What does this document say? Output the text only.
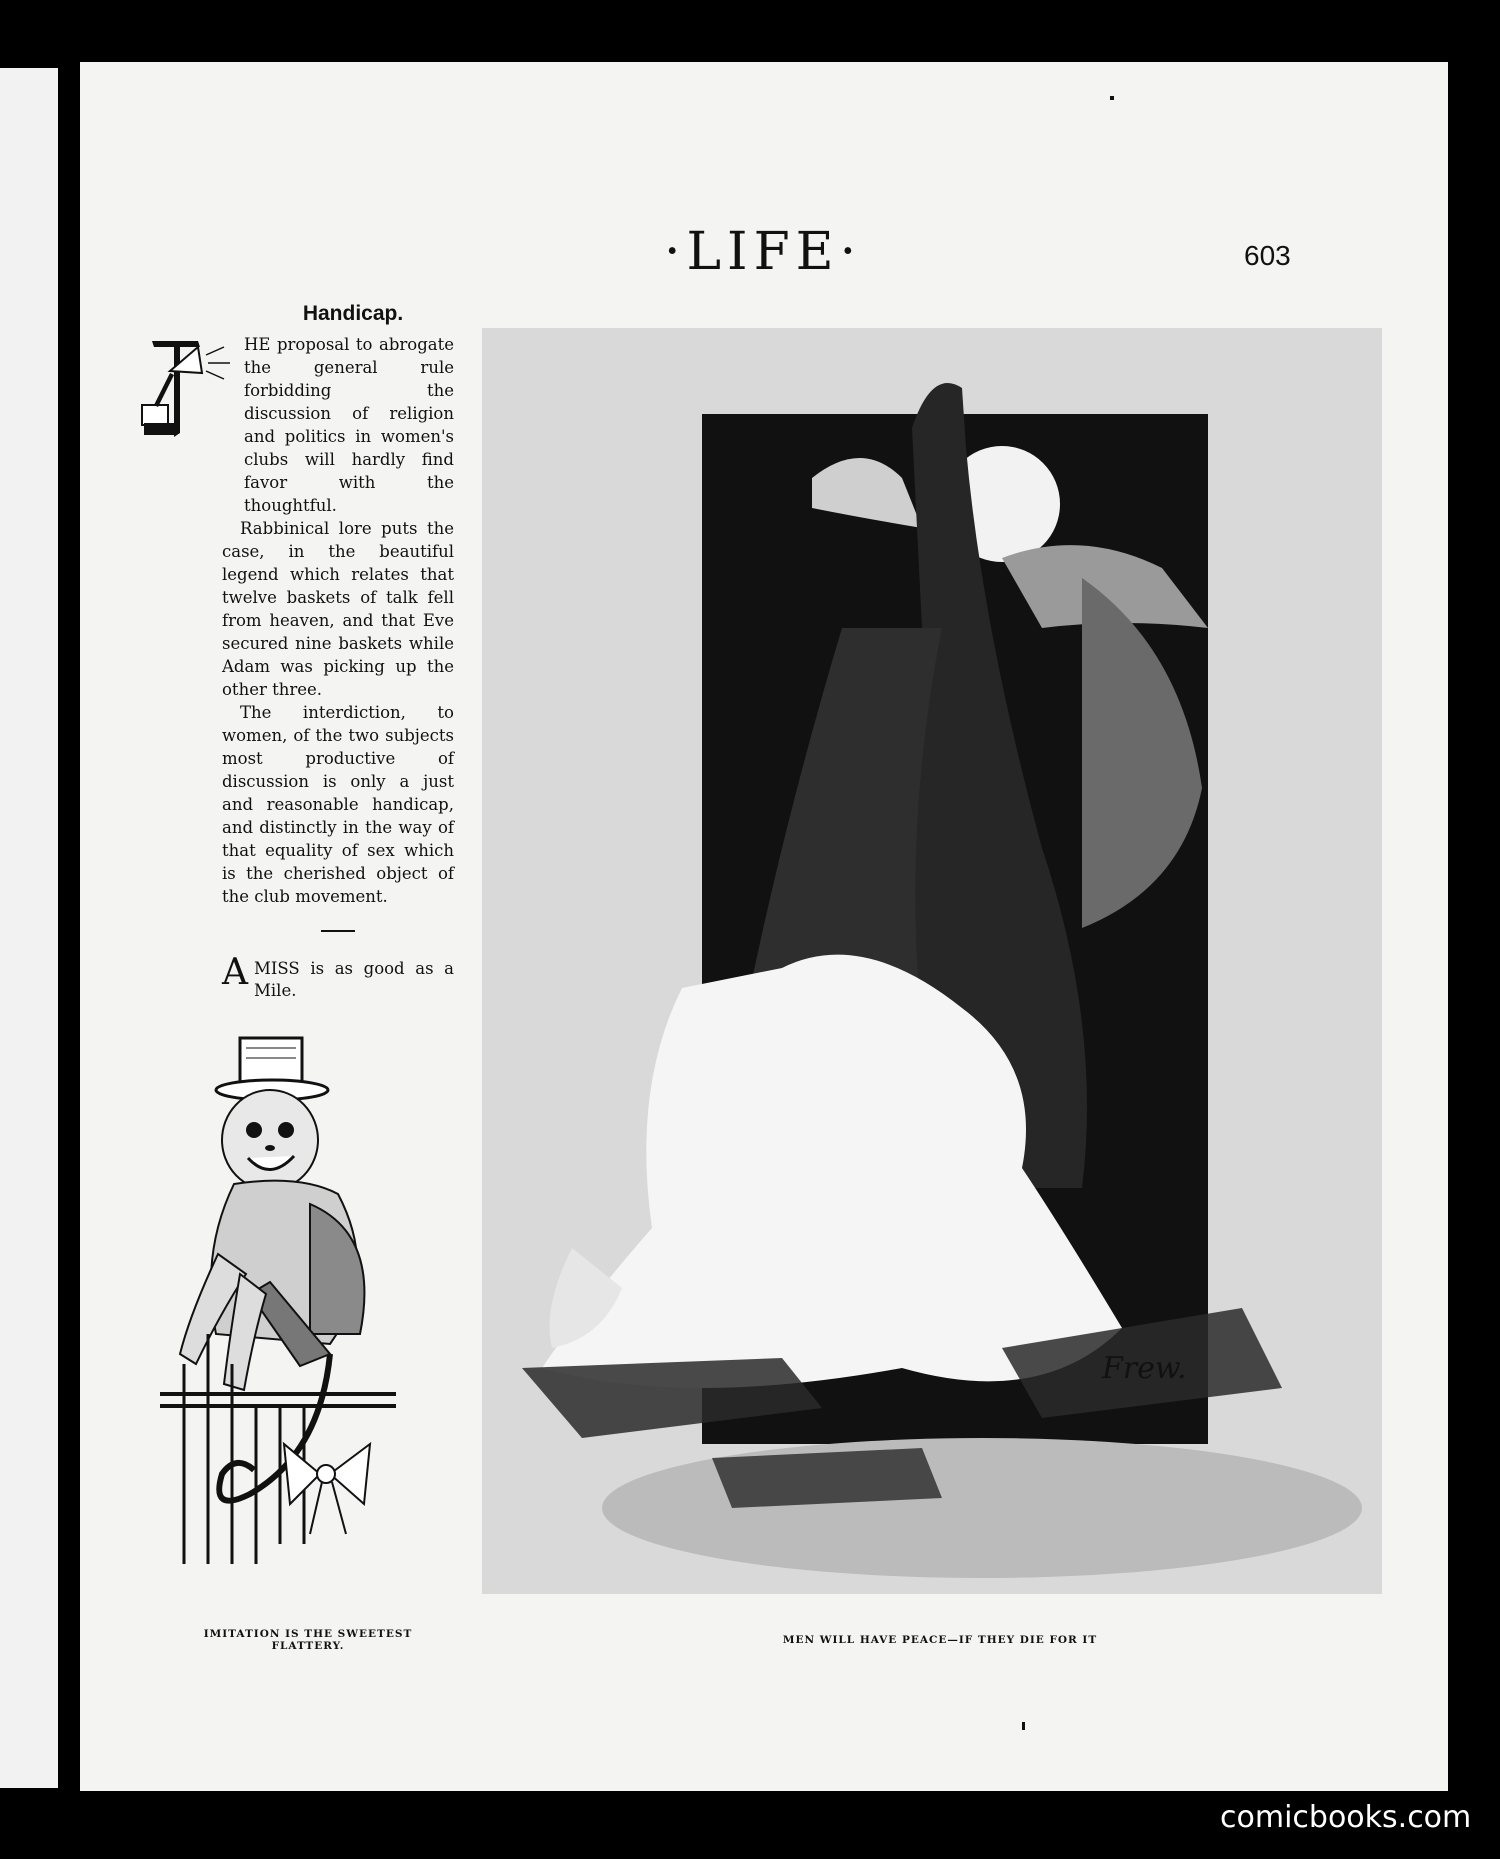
·LIFE·	603
Handicap.

HE proposal to abrogate the general rule forbidding the discussion of religion and politics in women's clubs will hardly find favor with the thoughtful.

Rabbinical lore puts the case, in the beautiful legend which relates that twelve baskets of talk fell from heaven, and that Eve secured nine baskets while Adam was picking up the other three.

The interdiction, to women, of the two subjects most productive of discussion is only a just and reasonable handicap, and distinctly in the way of that equality of sex which is the cherished object of the club movement.

A MISS is as good as a Mile.
IMITATION IS THE SWEETEST FLATTERY.
Frew.
MEN WILL HAVE PEACE—IF THEY DIE FOR IT
comicbooks.com
